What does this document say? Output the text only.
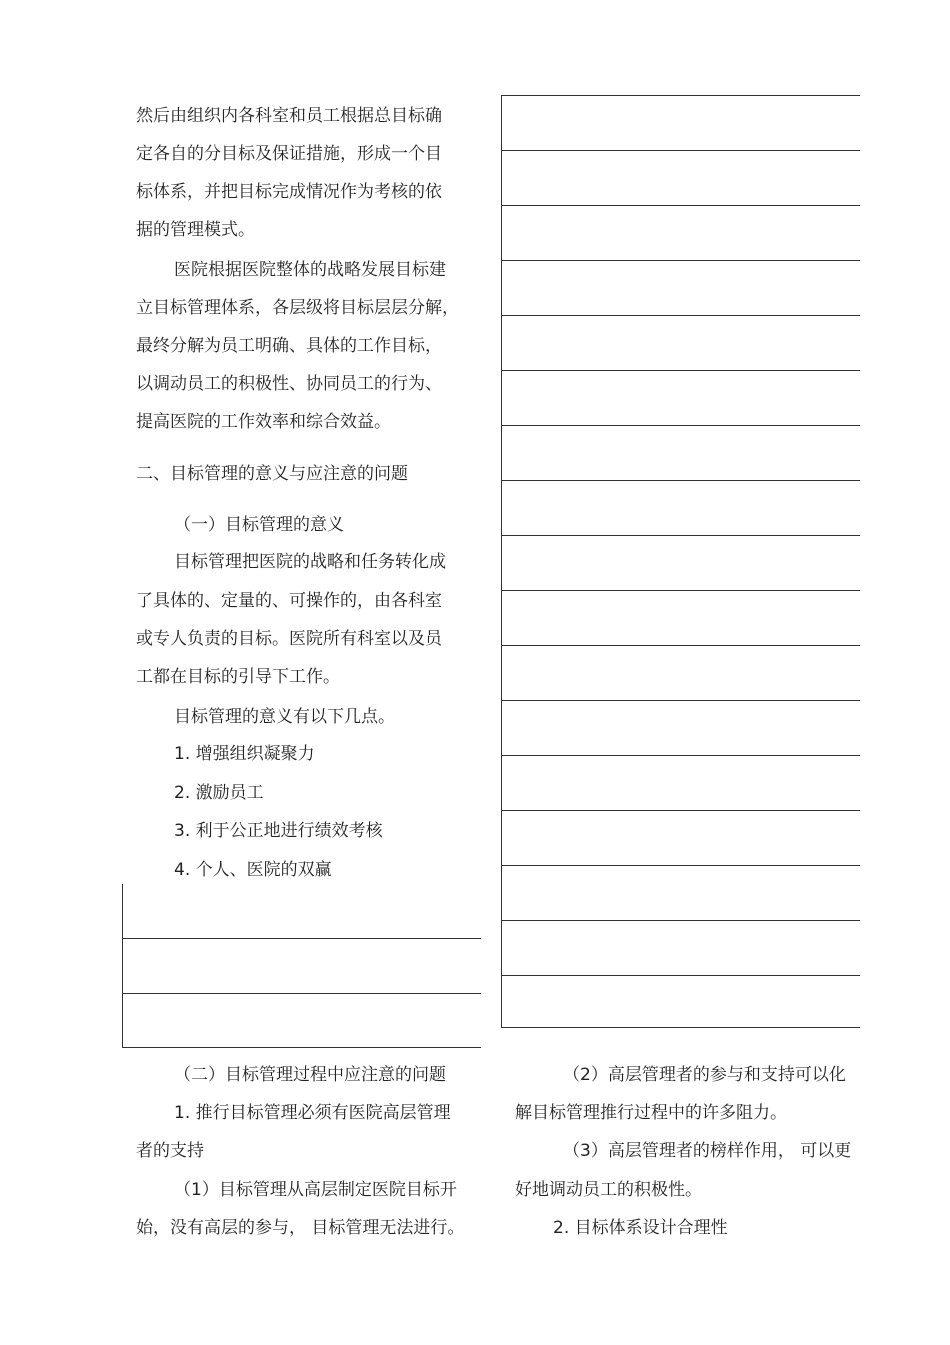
然后由组织内各科室和员工根据总目标确
定各自的分目标及保证措施，形成一个目
标体系，并把目标完成情况作为考核的依
据的管理模式。
医院根据医院整体的战略发展目标建
立目标管理体系，各层级将目标层层分解，
最终分解为员工明确、具体的工作目标，
以调动员工的积极性、协同员工的行为、
提高医院的工作效率和综合效益。
二、目标管理的意义与应注意的问题
（一）目标管理的意义
目标管理把医院的战略和任务转化成
了具体的、定量的、可操作的，由各科室
或专人负责的目标。医院所有科室以及员
工都在目标的引导下工作。
目标管理的意义有以下几点。
1. 增强组织凝聚力
2. 激励员工
3. 利于公正地进行绩效考核
4. 个人、医院的双赢
（二）目标管理过程中应注意的问题
1. 推行目标管理必须有医院高层管理
者的支持
（1）目标管理从高层制定医院目标开
始，没有高层的参与， 目标管理无法进行。
（2）高层管理者的参与和支持可以化
解目标管理推行过程中的许多阻力。
（3）高层管理者的榜样作用， 可以更
好地调动员工的积极性。
2. 目标体系设计合理性
